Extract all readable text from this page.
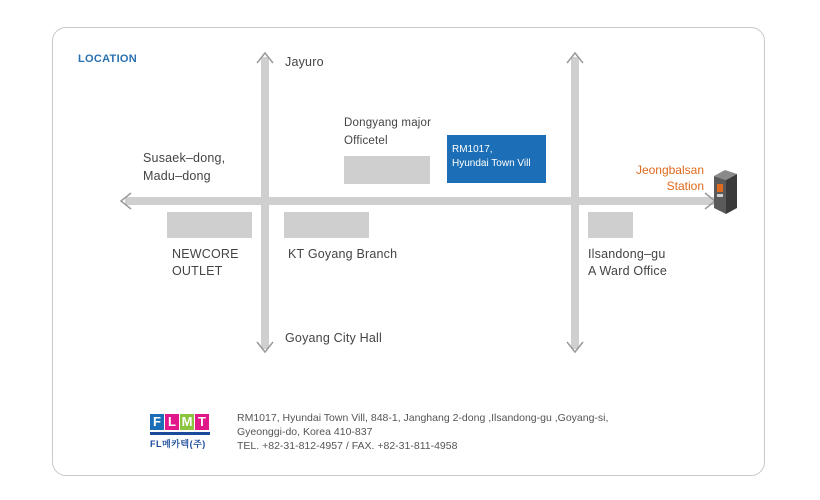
LOCATION
RM1017,
Hyundai Town Vill
Jayuro
Goyang City Hall
Susaek–dong,
Madu–dong
Dongyang major
Officetel
NEWCORE
OUTLET
KT Goyang Branch	Ilsandong–gu
A Ward Office
Jeongbalsan
Station
F L M T
FL메카텍(주)
RM1017, Hyundai Town Vill, 848-1, Janghang 2-dong ,Ilsandong-gu ,Goyang-si,
Gyeonggi-do, Korea 410-837
TEL. +82-31-812-4957 / FAX. +82-31-811-4958
